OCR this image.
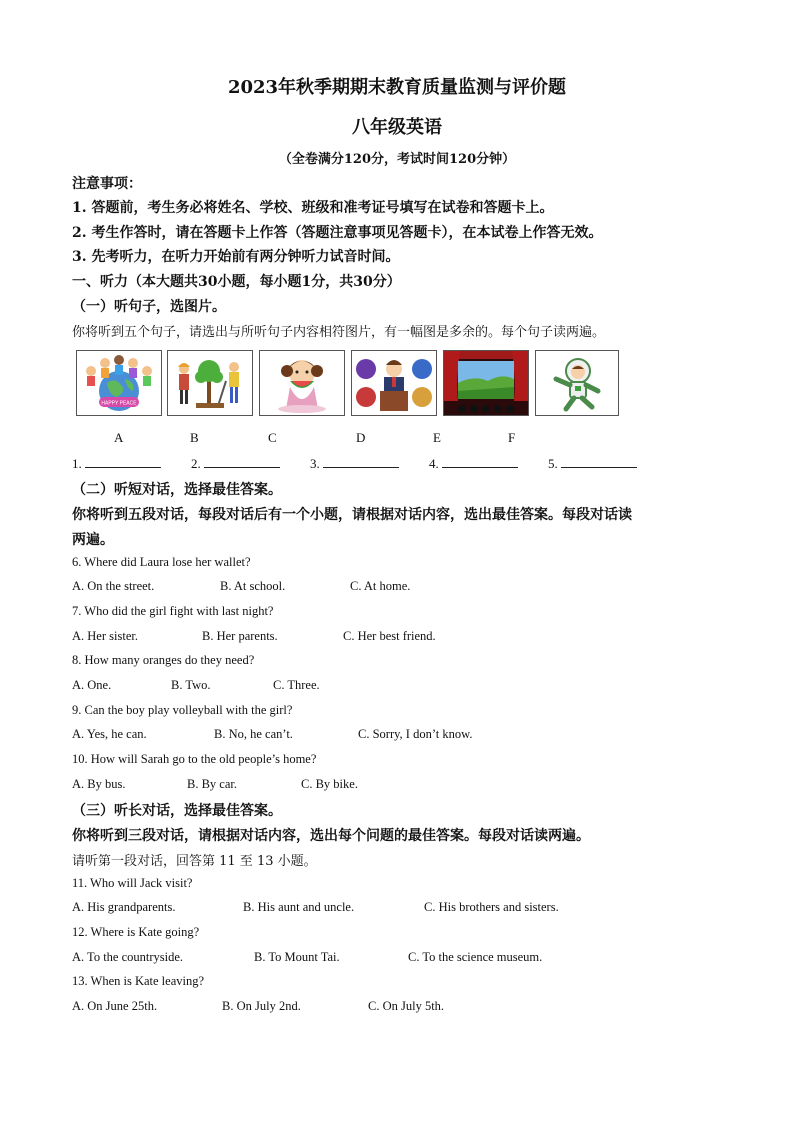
2023年秋季期期末教育质量监测与评价题
八年级英语
（全卷满分120分，考试时间120分钟）
注意事项：
1. 答题前，考生务必将姓名、学校、班级和准考证号填写在试卷和答题卡上。
2. 考生作答时，请在答题卡上作答（答题注意事项见答题卡），在本试卷上作答无效。
3. 先考听力，在听力开始前有两分钟听力试音时间。
一、听力（本大题共30小题，每小题1分，共30分）
（一）听句子，选图片。
你将听到五个句子，请选出与所听句子内容相符图片，有一幅图是多余的。每个句子读两遍。
HAPPY PEACE
A	B	C	D	E	F
1.	2.	3.	4.	5.
（二）听短对话，选择最佳答案。
你将听到五段对话，每段对话后有一个小题，请根据对话内容，选出最佳答案。每段对话读
两遍。
6. Where did Laura lose her wallet?
A. On the street.	B. At school.	C. At home.
7. Who did the girl fight with last night?
A. Her sister.	B. Her parents.	C. Her best friend.
8. How many oranges do they need?
A. One.	B. Two.	C. Three.
9. Can the boy play volleyball with the girl?
A. Yes, he can.	B. No, he can’t.	C. Sorry, I don’t know.
10. How will Sarah go to the old people’s home?
A. By bus.	B. By car.	C. By bike.
（三）听长对话，选择最佳答案。
你将听到三段对话，请根据对话内容，选出每个问题的最佳答案。每段对话读两遍。
请听第一段对话，回答第 11 至 13 小题。
11. Who will Jack visit?
A. His grandparents.	B. His aunt and uncle.	C. His brothers and sisters.
12. Where is Kate going?
A. To the countryside.	B. To Mount Tai.	C. To the science museum.
13. When is Kate leaving?
A. On June 25th.	B. On July 2nd.	C. On July 5th.
